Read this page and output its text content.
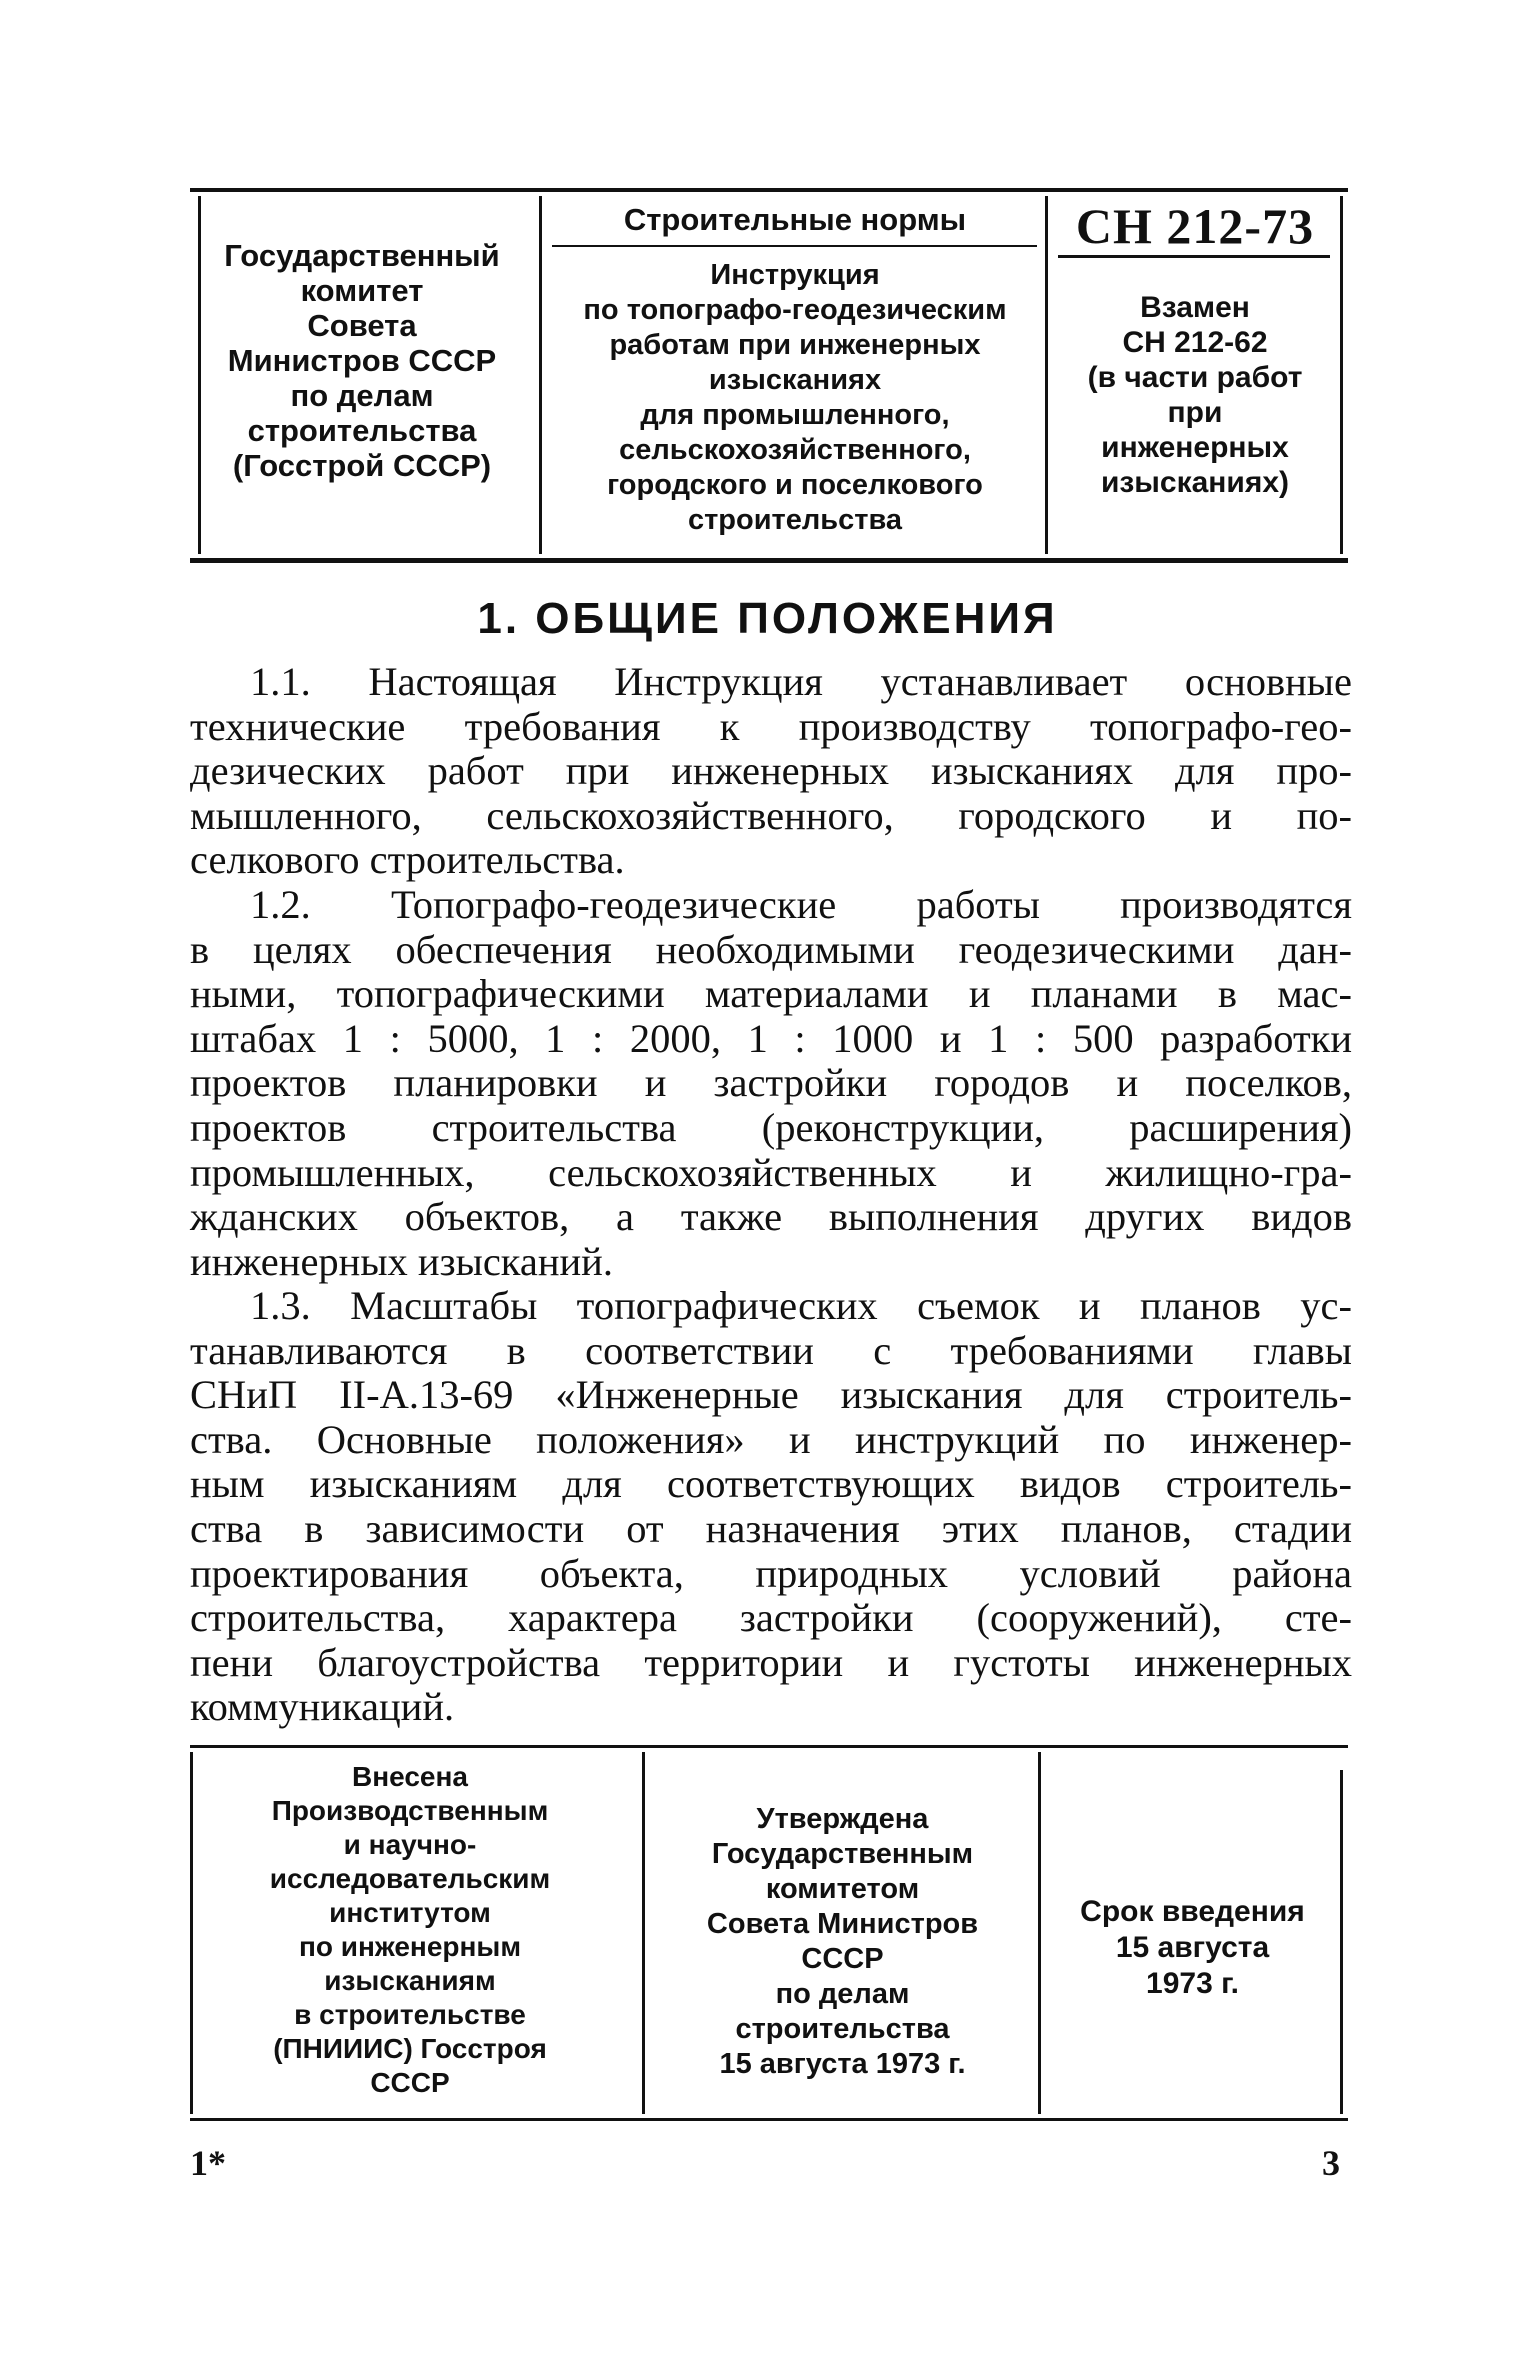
Государственный
комитет
Совета
Министров СССР
по делам
строительства
(Госстрой СССР)
Строительные нормы
Инструкция
по топографо-геодезическим
работам при инженерных
изысканиях
для промышленного,
сельскохозяйственного,
городского и поселкового
строительства
СН 212-73
Взамен
СН 212-62
(в части работ
при
инженерных
изысканиях)
1. ОБЩИЕ ПОЛОЖЕНИЯ
1.1. Настоящая Инструкция устанавливает основные
технические требования к производству топографо-гео-
дезических работ при инженерных изысканиях для про-
мышленного, сельскохозяйственного, городского и по-
селкового строительства.
1.2. Топографо-геодезические работы производятся
в целях обеспечения необходимыми геодезическими дан-
ными, топографическими материалами и планами в мас-
штабах 1 : 5000, 1 : 2000, 1 : 1000 и 1 : 500 разработки
проектов планировки и застройки городов и поселков,
проектов строительства (реконструкции, расширения)
промышленных, сельскохозяйственных и жилищно-гра-
жданских объектов, а также выполнения других видов
инженерных изысканий.
1.3. Масштабы топографических съемок и планов ус-
танавливаются в соответствии с требованиями главы
СНиП II-А.13-69 «Инженерные изыскания для строитель-
ства. Основные положения» и инструкций по инженер-
ным изысканиям для соответствующих видов строитель-
ства в зависимости от назначения этих планов, стадии
проектирования объекта, природных условий района
строительства, характера застройки (сооружений), сте-
пени благоустройства территории и густоты инженерных
коммуникаций.
Внесена
Производственным
и научно-
исследовательским
институтом
по инженерным
изысканиям
в строительстве
(ПНИИИС) Госстроя
СССР
Утверждена
Государственным
комитетом
Совета Министров
СССР
по делам
строительства
15 августа 1973 г.
Срок введения
15 августа
1973 г.
1*	3
